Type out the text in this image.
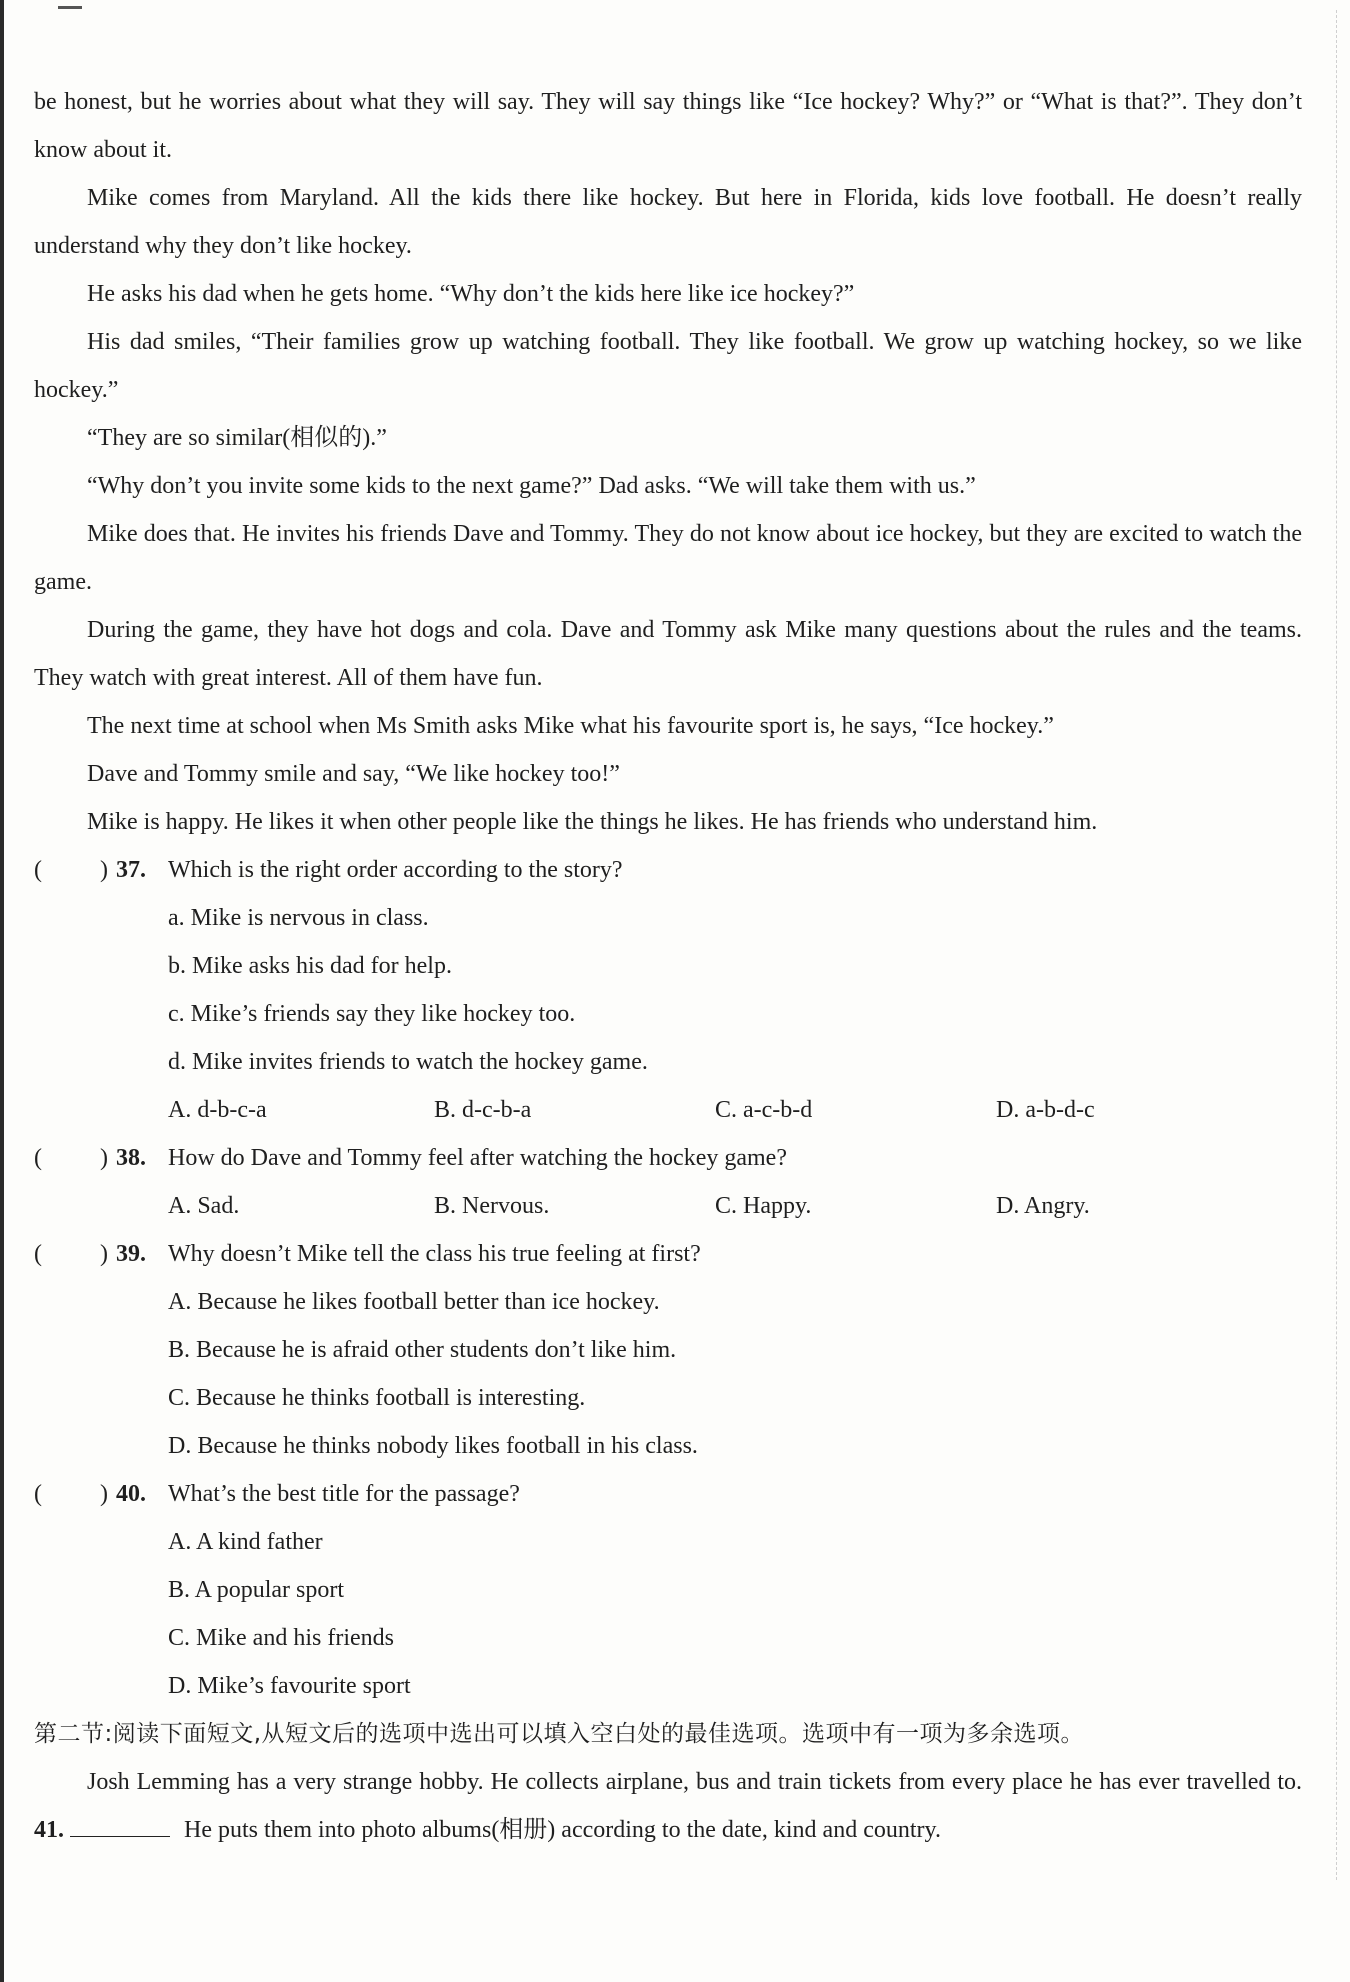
be honest, but he worries about what they will say. They will say things like “Ice hockey? Why?” or “What is that?”. They don’t know about it.

Mike comes from Maryland. All the kids there like hockey. But here in Florida, kids love football. He doesn’t really understand why they don’t like hockey.

He asks his dad when he gets home. “Why don’t the kids here like ice hockey?”

His dad smiles, “Their families grow up watching football. They like football. We grow up watching hockey, so we like hockey.”

“They are so similar(相似的).”

“Why don’t you invite some kids to the next game?” Dad asks. “We will take them with us.”

Mike does that. He invites his friends Dave and Tommy. They do not know about ice hockey, but they are excited to watch the game.

During the game, they have hot dogs and cola. Dave and Tommy ask Mike many questions about the rules and the teams. They watch with great interest. All of them have fun.

The next time at school when Ms Smith asks Mike what his favourite sport is, he says, “Ice hockey.”

Dave and Tommy smile and say, “We like hockey too!”

Mike is happy. He likes it when other people like the things he likes. He has friends who understand him.

( ) 37. Which is the right order according to the story?
a. Mike is nervous in class.
b. Mike asks his dad for help.
c. Mike’s friends say they like hockey too.
d. Mike invites friends to watch the hockey game.
A. d-b-c-a	B. d-c-b-a	C. a-c-b-d	D. a-b-d-c
( ) 38. How do Dave and Tommy feel after watching the hockey game?
A. Sad.	B. Nervous.	C. Happy.	D. Angry.
( ) 39. Why doesn’t Mike tell the class his true feeling at first?
A. Because he likes football better than ice hockey.
B. Because he is afraid other students don’t like him.
C. Because he thinks football is interesting.
D. Because he thinks nobody likes football in his class.
( ) 40. What’s the best title for the passage?
A. A kind father
B. A popular sport
C. Mike and his friends
D. Mike’s favourite sport

第二节:阅读下面短文,从短文后的选项中选出可以填入空白处的最佳选项。选项中有一项为多余选项。

Josh Lemming has a very strange hobby. He collects airplane, bus and train tickets from every place he has ever travelled to. 41.	He puts them into photo albums(相册) according to the date, kind and country.
